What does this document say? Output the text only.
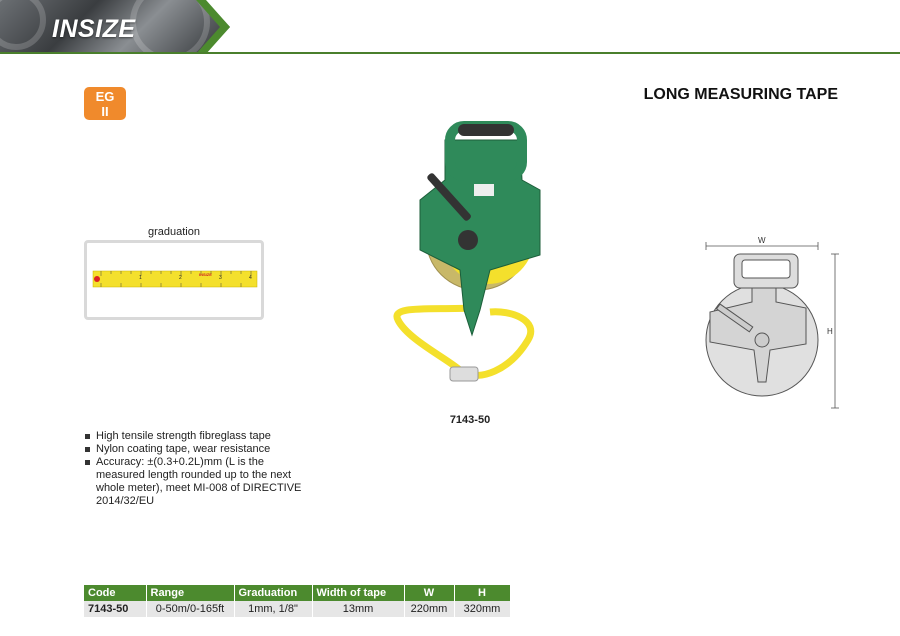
INSIZE
EG
II
LONG MEASURING TAPE
graduation
1	2	3	4
INSIZE
7143-50
W
H
High tensile strength fibreglass tape
Nylon coating tape, wear resistance
Accuracy: ±(0.3+0.2L)mm (L is the measured length rounded up to the next whole meter), meet MI-008 of DIRECTIVE 2014/32/EU
Code	Range	Graduation	Width of tape	W	H
7143-50	0-50m/0-165ft	1mm, 1/8"	13mm	220mm	320mm
